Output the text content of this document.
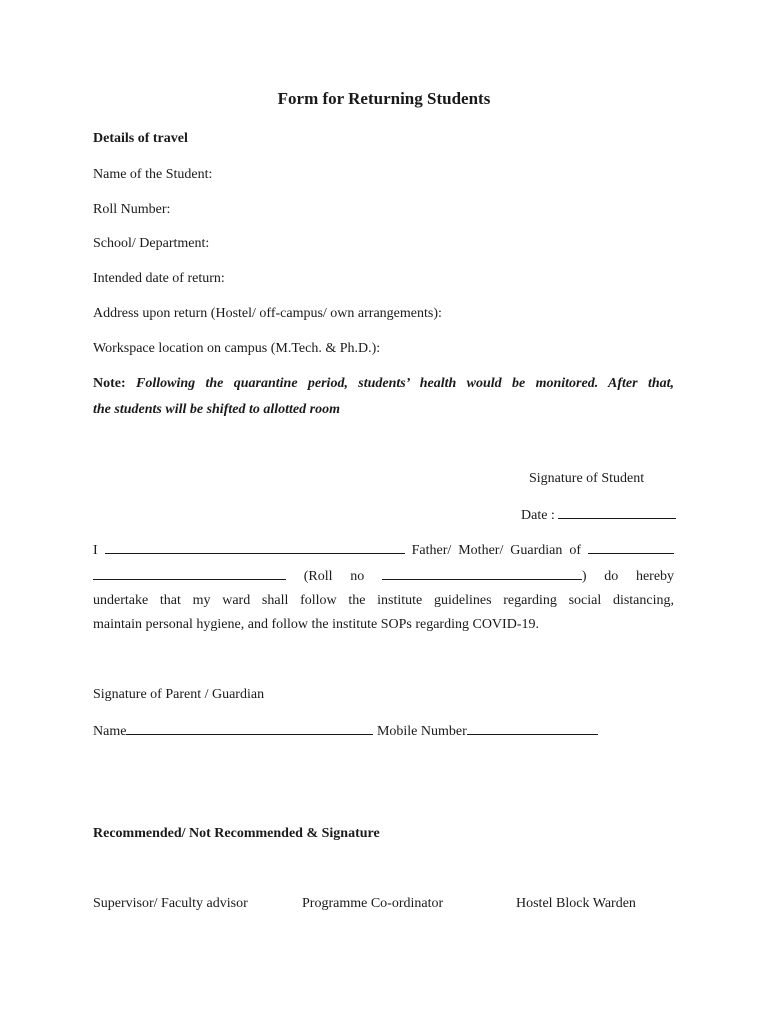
Form for Returning Students
Details of travel
Name of the Student:
Roll Number:
School/ Department:
Intended date of return:
Address upon return (Hostel/ off-campus/ own arrangements):
Workspace location on campus (M.Tech. & Ph.D.):
Note: Following the quarantine period, students’ health would be monitored. After that,
the students will be shifted to allotted room
Signature of Student
Date :
I	Father/ Mother/ Guardian of
(Roll no	) do hereby
undertake that my ward shall follow the institute guidelines regarding social distancing,
maintain personal hygiene, and follow the institute SOPs regarding COVID-19.
Signature of Parent / Guardian
Name	Mobile Number
Recommended/ Not Recommended & Signature
Supervisor/ Faculty advisor	Programme Co-ordinator	Hostel Block Warden
